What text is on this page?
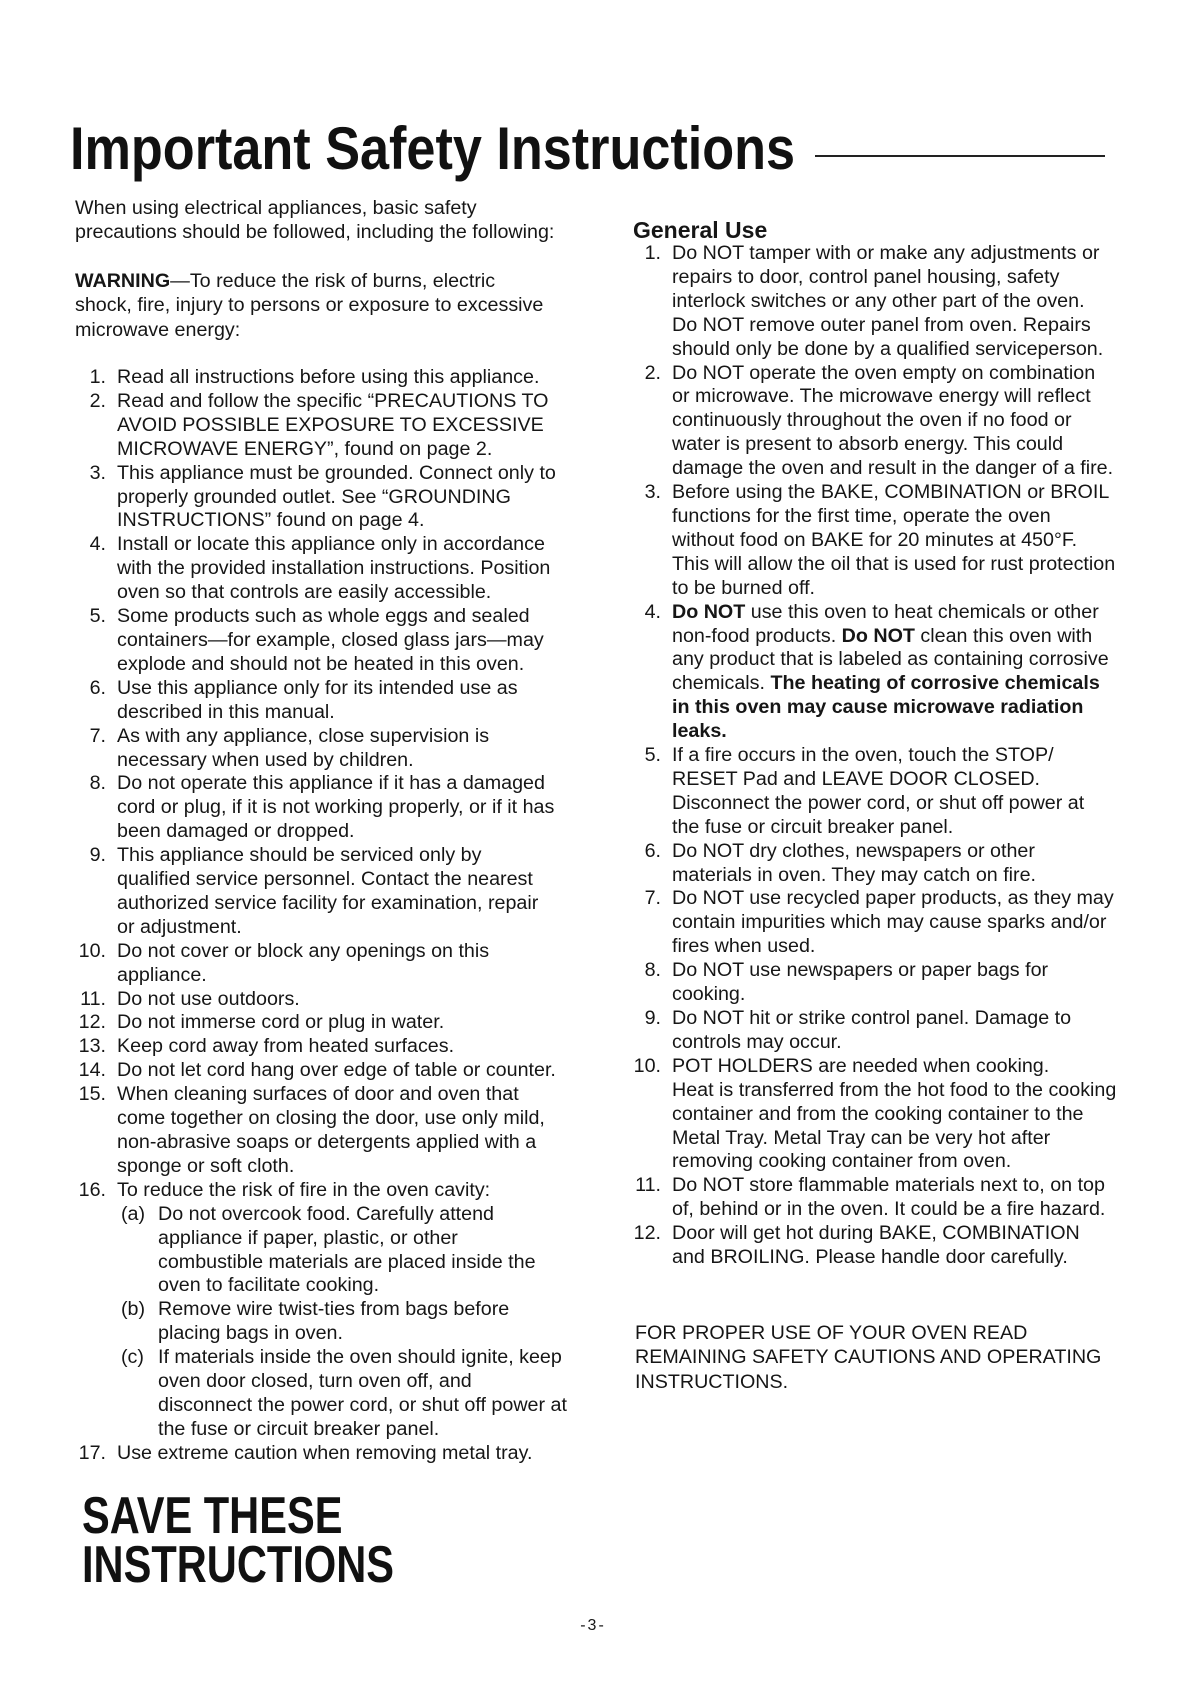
Important Safety Instructions
When using electrical appliances, basic safety
precautions should be followed, including the following:
WARNING—To reduce the risk of burns, electric
shock, fire, injury to persons or exposure to excessive
microwave energy:
1. Read all instructions before using this appliance.
2. Read and follow the specific “PRECAUTIONS TO
AVOID POSSIBLE EXPOSURE TO EXCESSIVE
MICROWAVE ENERGY”, found on page 2.
3. This appliance must be grounded. Connect only to
properly grounded outlet. See “GROUNDING
INSTRUCTIONS” found on page 4.
4. Install or locate this appliance only in accordance
with the provided installation instructions. Position
oven so that controls are easily accessible.
5. Some products such as whole eggs and sealed
containers—for example, closed glass jars—may
explode and should not be heated in this oven.
6. Use this appliance only for its intended use as
described in this manual.
7. As with any appliance, close supervision is
necessary when used by children.
8. Do not operate this appliance if it has a damaged
cord or plug, if it is not working properly, or if it has
been damaged or dropped.
9. This appliance should be serviced only by
qualified service personnel. Contact the nearest
authorized service facility for examination, repair
or adjustment.
10. Do not cover or block any openings on this
appliance.
11. Do not use outdoors.
12. Do not immerse cord or plug in water.
13. Keep cord away from heated surfaces.
14. Do not let cord hang over edge of table or counter.
15. When cleaning surfaces of door and oven that
come together on closing the door, use only mild,
non-abrasive soaps or detergents applied with a
sponge or soft cloth.
16. To reduce the risk of fire in the oven cavity:
(a) Do not overcook food. Carefully attend
appliance if paper, plastic, or other
combustible materials are placed inside the
oven to facilitate cooking.
(b) Remove wire twist-ties from bags before
placing bags in oven.
(c) If materials inside the oven should ignite, keep
oven door closed, turn oven off, and
disconnect the power cord, or shut off power at
the fuse or circuit breaker panel.
17. Use extreme caution when removing metal tray.
SAVE THESE
INSTRUCTIONS
General Use
1. Do NOT tamper with or make any adjustments or
repairs to door, control panel housing, safety
interlock switches or any other part of the oven.
Do NOT remove outer panel from oven. Repairs
should only be done by a qualified serviceperson.
2. Do NOT operate the oven empty on combination
or microwave. The microwave energy will reflect
continuously throughout the oven if no food or
water is present to absorb energy. This could
damage the oven and result in the danger of a fire.
3. Before using the BAKE, COMBINATION or BROIL
functions for the first time, operate the oven
without food on BAKE for 20 minutes at 450°F.
This will allow the oil that is used for rust protection
to be burned off.
4. Do NOT use this oven to heat chemicals or other
non-food products. Do NOT clean this oven with
any product that is labeled as containing corrosive
chemicals. The heating of corrosive chemicals
in this oven may cause microwave radiation
leaks.
5. If a fire occurs in the oven, touch the STOP/
RESET Pad and LEAVE DOOR CLOSED.
Disconnect the power cord, or shut off power at
the fuse or circuit breaker panel.
6. Do NOT dry clothes, newspapers or other
materials in oven. They may catch on fire.
7. Do NOT use recycled paper products, as they may
contain impurities which may cause sparks and/or
fires when used.
8. Do NOT use newspapers or paper bags for
cooking.
9. Do NOT hit or strike control panel. Damage to
controls may occur.
10. POT HOLDERS are needed when cooking.
Heat is transferred from the hot food to the cooking
container and from the cooking container to the
Metal Tray. Metal Tray can be very hot after
removing cooking container from oven.
11. Do NOT store flammable materials next to, on top
of, behind or in the oven. It could be a fire hazard.
12. Door will get hot during BAKE, COMBINATION
and BROILING. Please handle door carefully.
FOR PROPER USE OF YOUR OVEN READ
REMAINING SAFETY CAUTIONS AND OPERATING
INSTRUCTIONS.
-3-
